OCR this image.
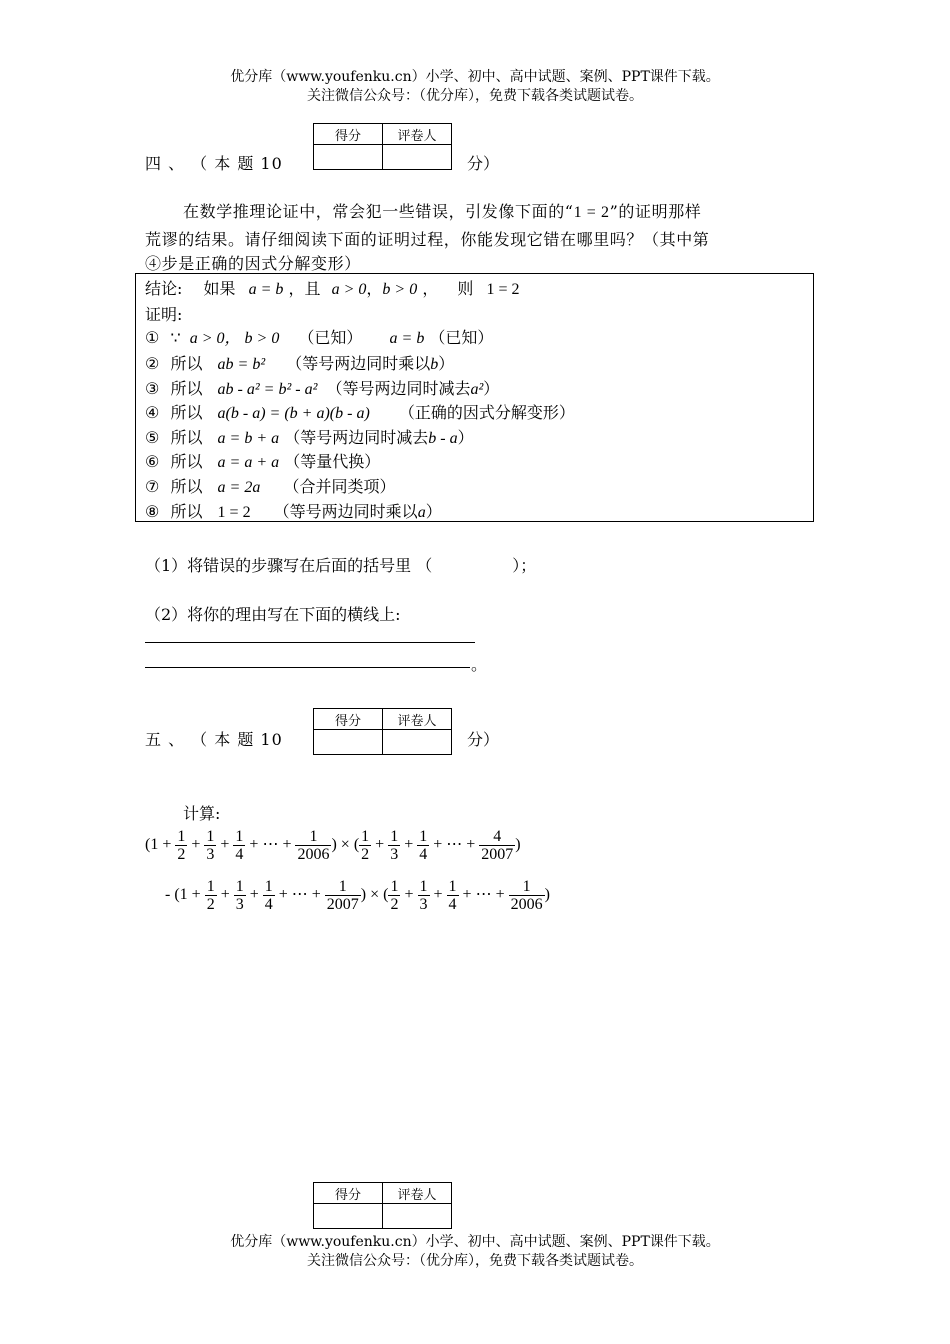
优分库（www.youfenku.cn）小学、初中、高中试题、案例、PPT课件下载。
关注微信公众号：（优分库），免费下载各类试题试卷。
四 、 （ 本 题 10
得分	评卷人

分）
在数学推理论证中，常会犯一些错误，引发像下面的“1 = 2”的证明那样
荒谬的结果。请仔细阅读下面的证明过程，你能发现它错在哪里吗？（其中第
④步是正确的因式分解变形）
结论: 如果 a = b ，且 a > 0，b > 0 ， 则 1 = 2
证明:
① ∵ a > 0， b > 0 （已知） a = b （已知）
② 所以 ab = b² （等号两边同时乘以b）
③ 所以 ab - a² = b² - a² （等号两边同时减去a²）
④ 所以 a(b - a) = (b + a)(b - a) （正确的因式分解变形）
⑤ 所以 a = b + a （等号两边同时减去b - a）
⑥ 所以 a = a + a （等量代换）
⑦ 所以 a = 2a （合并同类项）
⑧ 所以 1 = 2 （等号两边同时乘以a）
（1）将错误的步骤写在后面的括号里 （　　　　　）；
（2）将你的理由写在下面的横线上:
。
五 、 （ 本 题 10
得分	评卷人

分）
计算:
($1 + \frac{1}{2} + \frac{1}{3} + \frac{1}{4}$ + ⋯ + $\frac{1}{2006}$ ) × ( $\frac{1}{2} + \frac{1}{3} + \frac{1}{4}$ + ⋯ + $\frac{4}{2007}$ )
- ($1 + \frac{1}{2} + \frac{1}{3} + \frac{1}{4}$ + ⋯ + $\frac{1}{2007}$ ) × ( $\frac{1}{2} + \frac{1}{3} + \frac{1}{4}$ + ⋯ + $\frac{1}{2006}$ )
得分	评卷人

优分库（www.youfenku.cn）小学、初中、高中试题、案例、PPT课件下载。
关注微信公众号：（优分库），免费下载各类试题试卷。
